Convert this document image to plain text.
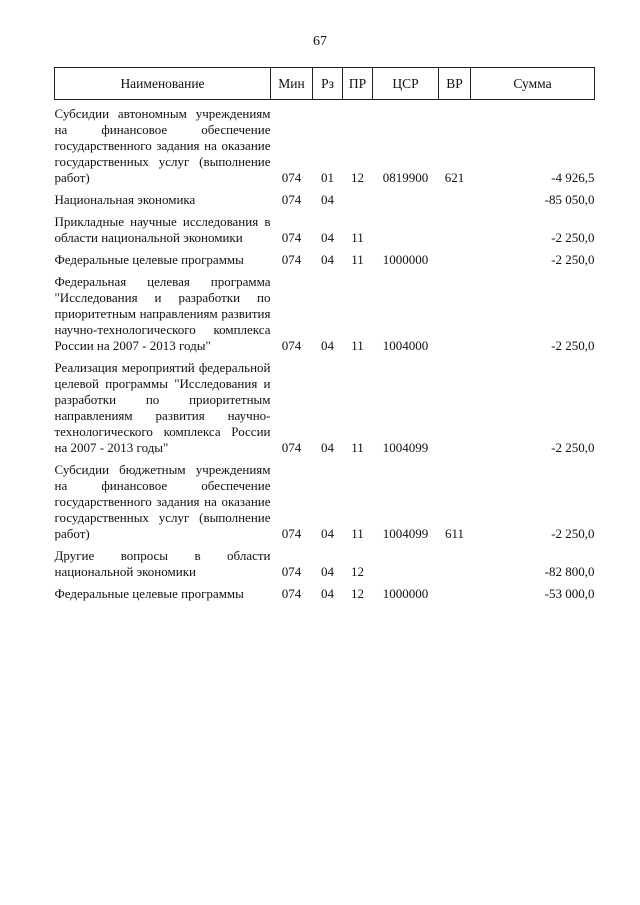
67
Наименование	Мин	Рз	ПР	ЦСР	ВР	Сумма

Субсидии автономным учреждениям на финансовое обеспечение государственного задания на оказание государственных услуг (выполнение работ)	074	01	12	0819900	621	-4 926,5

Национальная экономика	074	04				-85 050,0

Прикладные научные исследования в области национальной экономики	074	04	11			-2 250,0

Федеральные целевые программы	074	04	11	1000000		-2 250,0

Федеральная целевая программа "Исследования и разработки по приоритетным направлениям развития научно-технологического комплекса России на 2007 - 2013 годы"	074	04	11	1004000		-2 250,0

Реализация мероприятий федеральной целевой программы "Исследования и разработки по приоритетным направлениям развития научно-технологического комплекса России на 2007 - 2013 годы"	074	04	11	1004099		-2 250,0

Субсидии бюджетным учреждениям на финансовое обеспечение государственного задания на оказание государственных услуг (выполнение работ)	074	04	11	1004099	611	-2 250,0

Другие вопросы в области национальной экономики	074	04	12			-82 800,0

Федеральные целевые программы	074	04	12	1000000		-53 000,0
